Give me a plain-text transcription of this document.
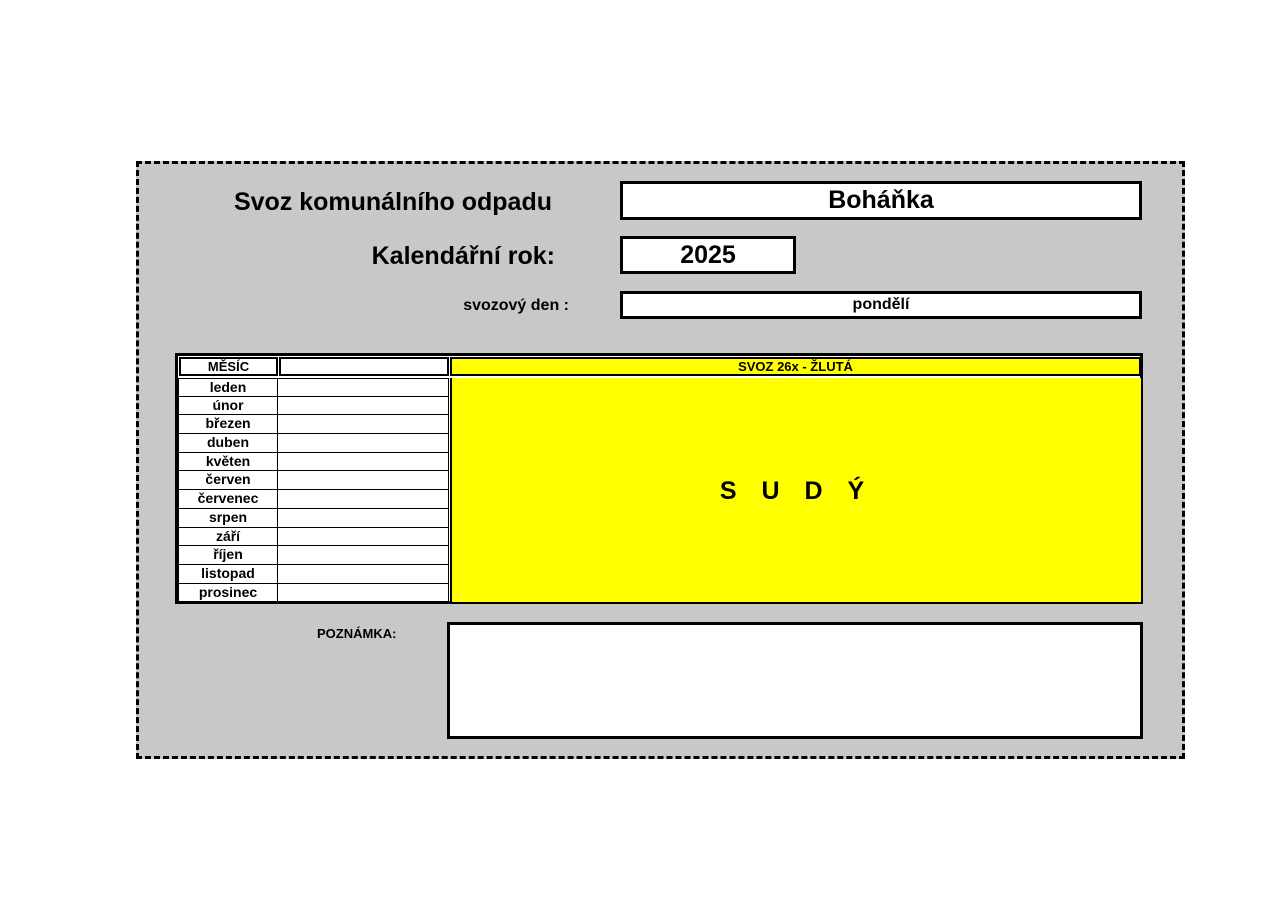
Svoz komunálního odpadu	Boháňka
Kalendářní rok:	2025
svozový den :	pondělí
MĚSÍC	SVOZ 26x - ŽLUTÁ
leden
únor
březen
duben
květen
červen
červenec
srpen
září
říjen
listopad
prosinec
S U D Ý
POZNÁMKA:
